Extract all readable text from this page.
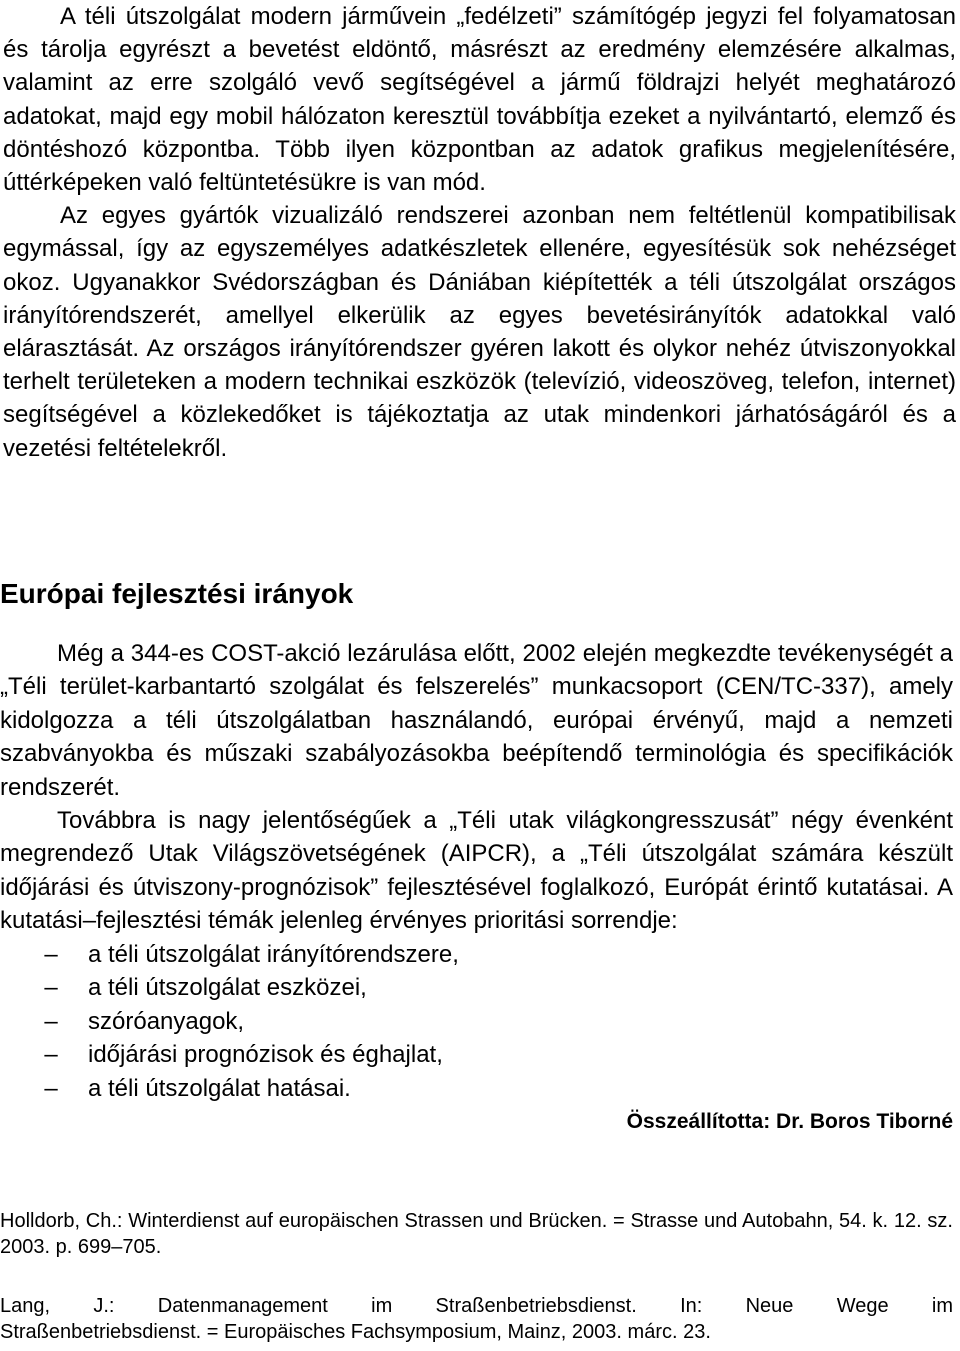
A téli útszolgálat modern járművein „fedélzeti” számítógép jegyzi fel folyamatosan és tárolja egyrészt a bevetést eldöntő, másrészt az eredmény elemzésére alkalmas, valamint az erre szolgáló vevő segítségével a jármű földrajzi helyét meghatározó adatokat, majd egy mobil hálózaton keresztül továbbítja ezeket a nyilvántartó, elemző és döntéshozó központba. Több ilyen központban az adatok grafikus megjelenítésére, úttérképeken való feltüntetésükre is van mód.

Az egyes gyártók vizualizáló rendszerei azonban nem feltétlenül kompatibilisak egymással, így az egyszemélyes adatkészletek ellenére, egyesítésük sok nehézséget okoz. Ugyanakkor Svédországban és Dániában kiépítették a téli útszolgálat országos irányítórendszerét, amellyel elkerülik az egyes bevetésirányítók adatokkal való elárasztását. Az országos irányítórendszer gyéren lakott és olykor nehéz útviszonyokkal terhelt területeken a modern technikai eszközök (televízió, videoszöveg, telefon, internet) segítségével a közlekedőket is tájékoztatja az utak mindenkori járhatóságáról és a vezetési feltételekről.

Európai fejlesztési irányok

Még a 344-es COST-akció lezárulása előtt, 2002 elején megkezdte tevékenységét a „Téli terület-karbantartó szolgálat és felszerelés” munkacsoport (CEN/TC-337), amely kidolgozza a téli útszolgálatban használandó, európai érvényű, majd a nemzeti szabványokba és műszaki szabályozásokba beépítendő terminológia és specifikációk rendszerét.

Továbbra is nagy jelentőségűek a „Téli utak világkongresszusát” négy évenként megrendező Utak Világszövetségének (AIPCR), a „Téli útszolgálat számára készült időjárási és útviszony-prognózisok” fejlesztésével foglalkozó, Európát érintő kutatásai. A kutatási–fejlesztési témák jelenleg érvényes prioritási sorrendje:

–	a téli útszolgálat irányítórendszere,
–	a téli útszolgálat eszközei,
–	szóróanyagok,
–	időjárási prognózisok és éghajlat,
–	a téli útszolgálat hatásai.
Összeállította: Dr. Boros Tiborné

Holldorb, Ch.: Winterdienst auf europäischen Strassen und Brücken. = Strasse und Autobahn, 54. k. 12. sz. 2003. p. 699–705.

Lang, J.: Datenmanagement im Straßenbetriebsdienst. In: Neue Wege im
Straßenbetriebsdienst. = Europäisches Fachsymposium, Mainz, 2003. márc. 23.
